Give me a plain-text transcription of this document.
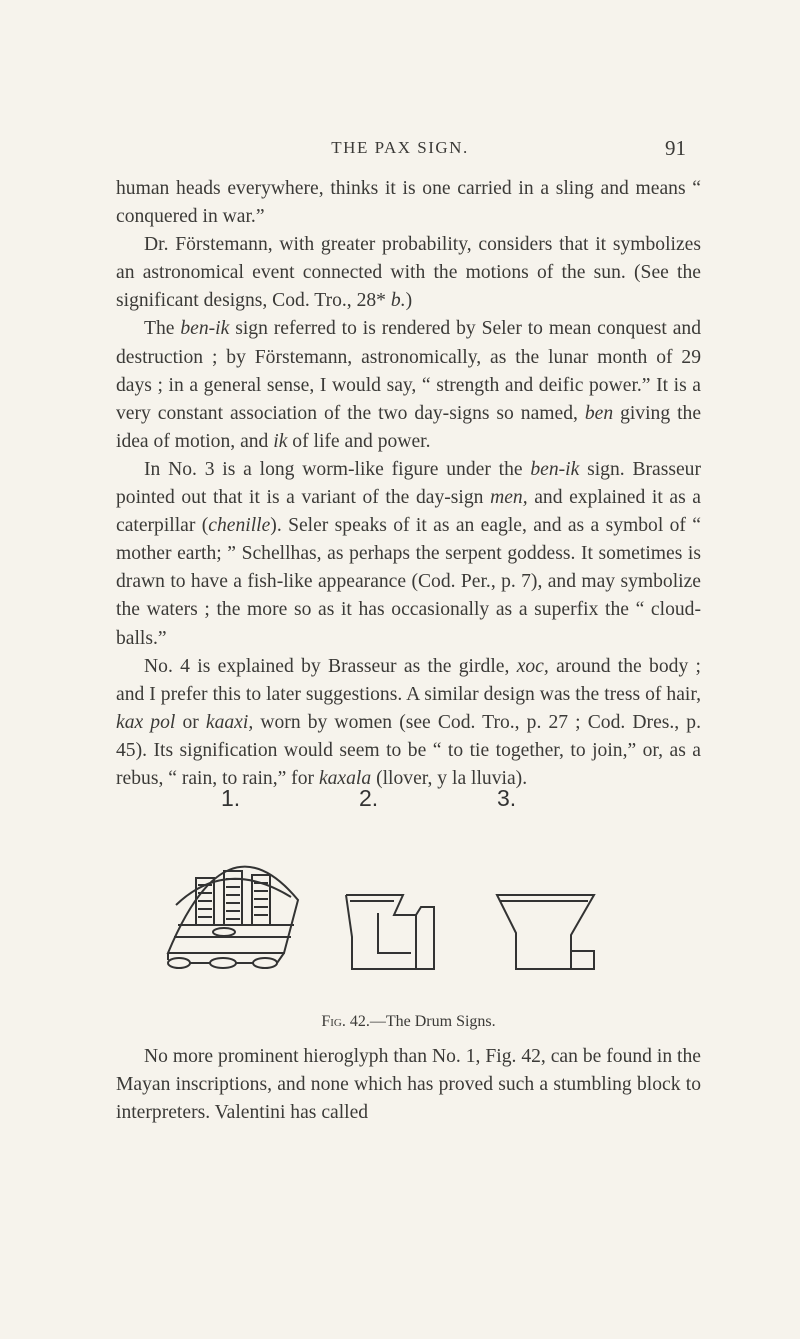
THE PAX SIGN.	91

human heads everywhere, thinks it is one carried in a sling and means “ conquered in war.”

Dr. Förstemann, with greater probability, considers that it symbolizes an astronomical event connected with the motions of the sun. (See the significant designs, Cod. Tro., 28* b.)

The ben-ik sign referred to is rendered by Seler to mean conquest and destruction ; by Förstemann, astronomically, as the lunar month of 29 days ; in a general sense, I would say, “ strength and deific power.” It is a very constant association of the two day-signs so named, ben giving the idea of motion, and ik of life and power.

In No. 3 is a long worm-like figure under the ben-ik sign. Brasseur pointed out that it is a variant of the day-sign men, and explained it as a caterpillar (chenille). Seler speaks of it as an eagle, and as a symbol of “ mother earth; ” Schellhas, as perhaps the serpent goddess. It sometimes is drawn to have a fish-like appearance (Cod. Per., p. 7), and may symbolize the waters ; the more so as it has occasionally as a superfix the “ cloud-balls.”

No. 4 is explained by Brasseur as the girdle, xoc, around the body ; and I prefer this to later suggestions. A similar design was the tress of hair, kax pol or kaaxi, worn by women (see Cod. Tro., p. 27 ; Cod. Dres., p. 45). Its signification would seem to be “ to tie together, to join,” or, as a rebus, “ rain, to rain,” for kaxala (llover, y la lluvia).

1.	2.	3.
Fig. 42.—The Drum Signs.

No more prominent hieroglyph than No. 1, Fig. 42, can be found in the Mayan inscriptions, and none which has proved such a stumbling block to interpreters. Valentini has called
